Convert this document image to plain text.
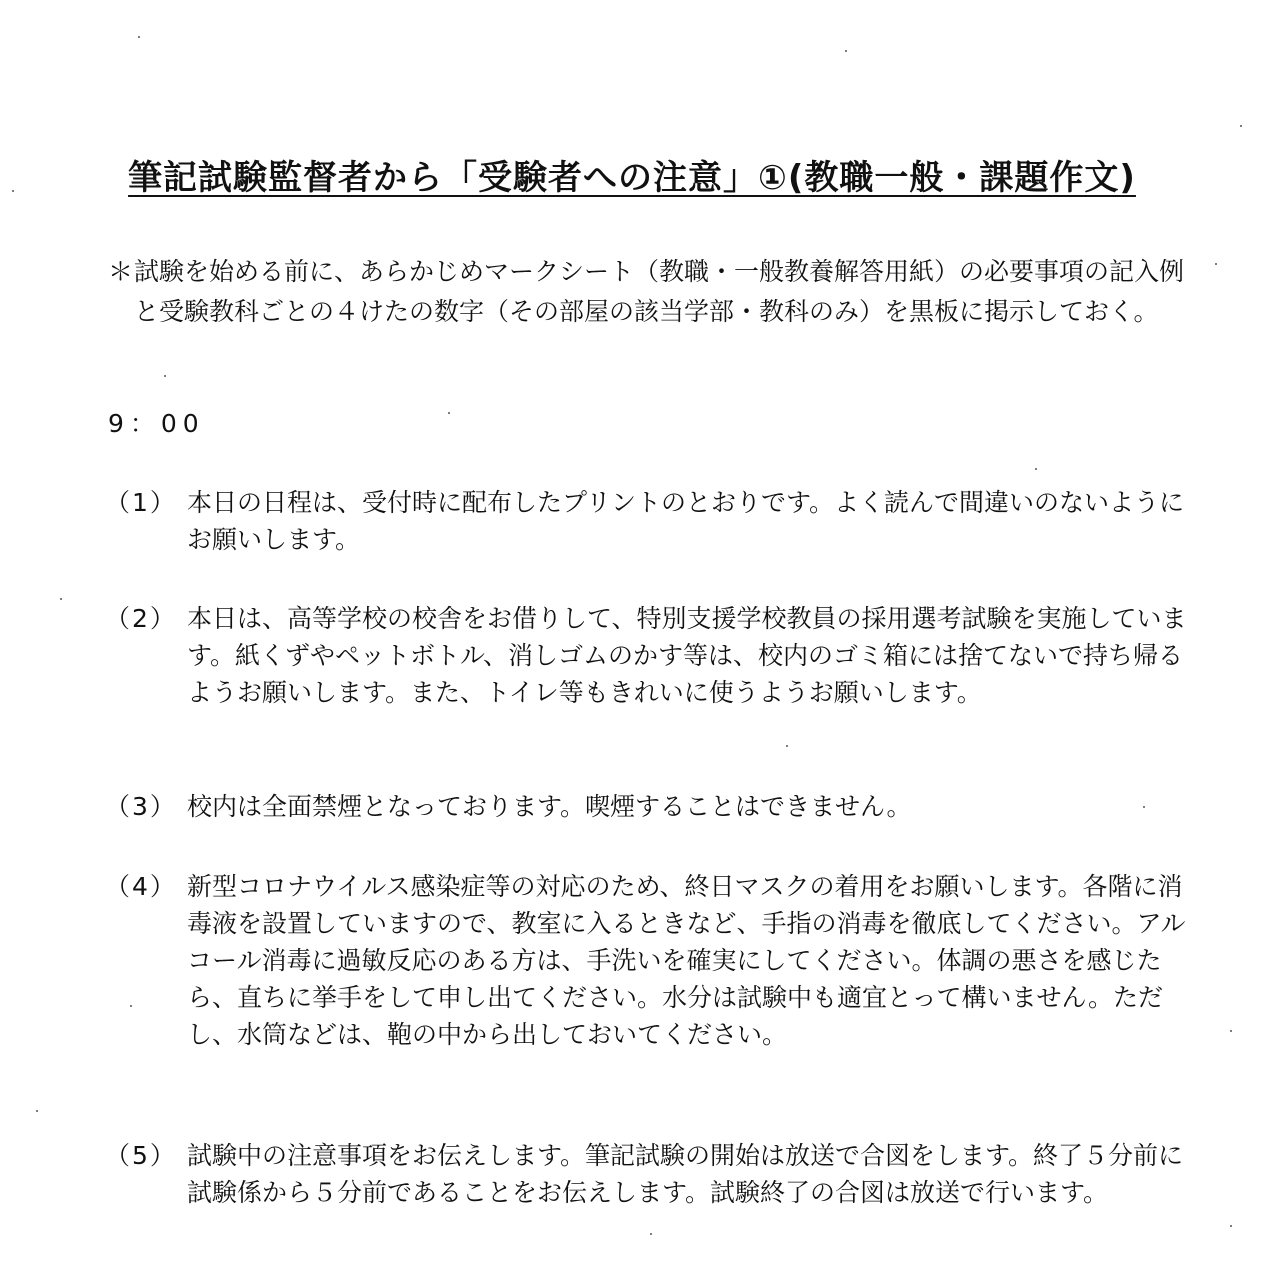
筆記試験監督者から「受験者への注意」①(教職一般・課題作文)
＊ 試験を始める前に、あらかじめマークシート（教職・一般教養解答用紙）の必要事項の記入例と受験教科ごとの４けたの数字（その部屋の該当学部・教科のみ）を黒板に掲示しておく。
9：00
（1） 本日の日程は、受付時に配布したプリントのとおりです。よく読んで間違いのないようにお願いします。
（2） 本日は、高等学校の校舎をお借りして、特別支援学校教員の採用選考試験を実施しています。紙くずやペットボトル、消しゴムのかす等は、校内のゴミ箱には捨てないで持ち帰るようお願いします。また、トイレ等もきれいに使うようお願いします。
（3） 校内は全面禁煙となっております。喫煙することはできません。
（4） 新型コロナウイルス感染症等の対応のため、終日マスクの着用をお願いします。各階に消毒液を設置していますので、教室に入るときなど、手指の消毒を徹底してください。アルコール消毒に過敏反応のある方は、手洗いを確実にしてください。体調の悪さを感じたら、直ちに挙手をして申し出てください。水分は試験中も適宜とって構いません。ただし、水筒などは、鞄の中から出しておいてください。
（5） 試験中の注意事項をお伝えします。筆記試験の開始は放送で合図をします。終了５分前に試験係から５分前であることをお伝えします。試験終了の合図は放送で行います。
